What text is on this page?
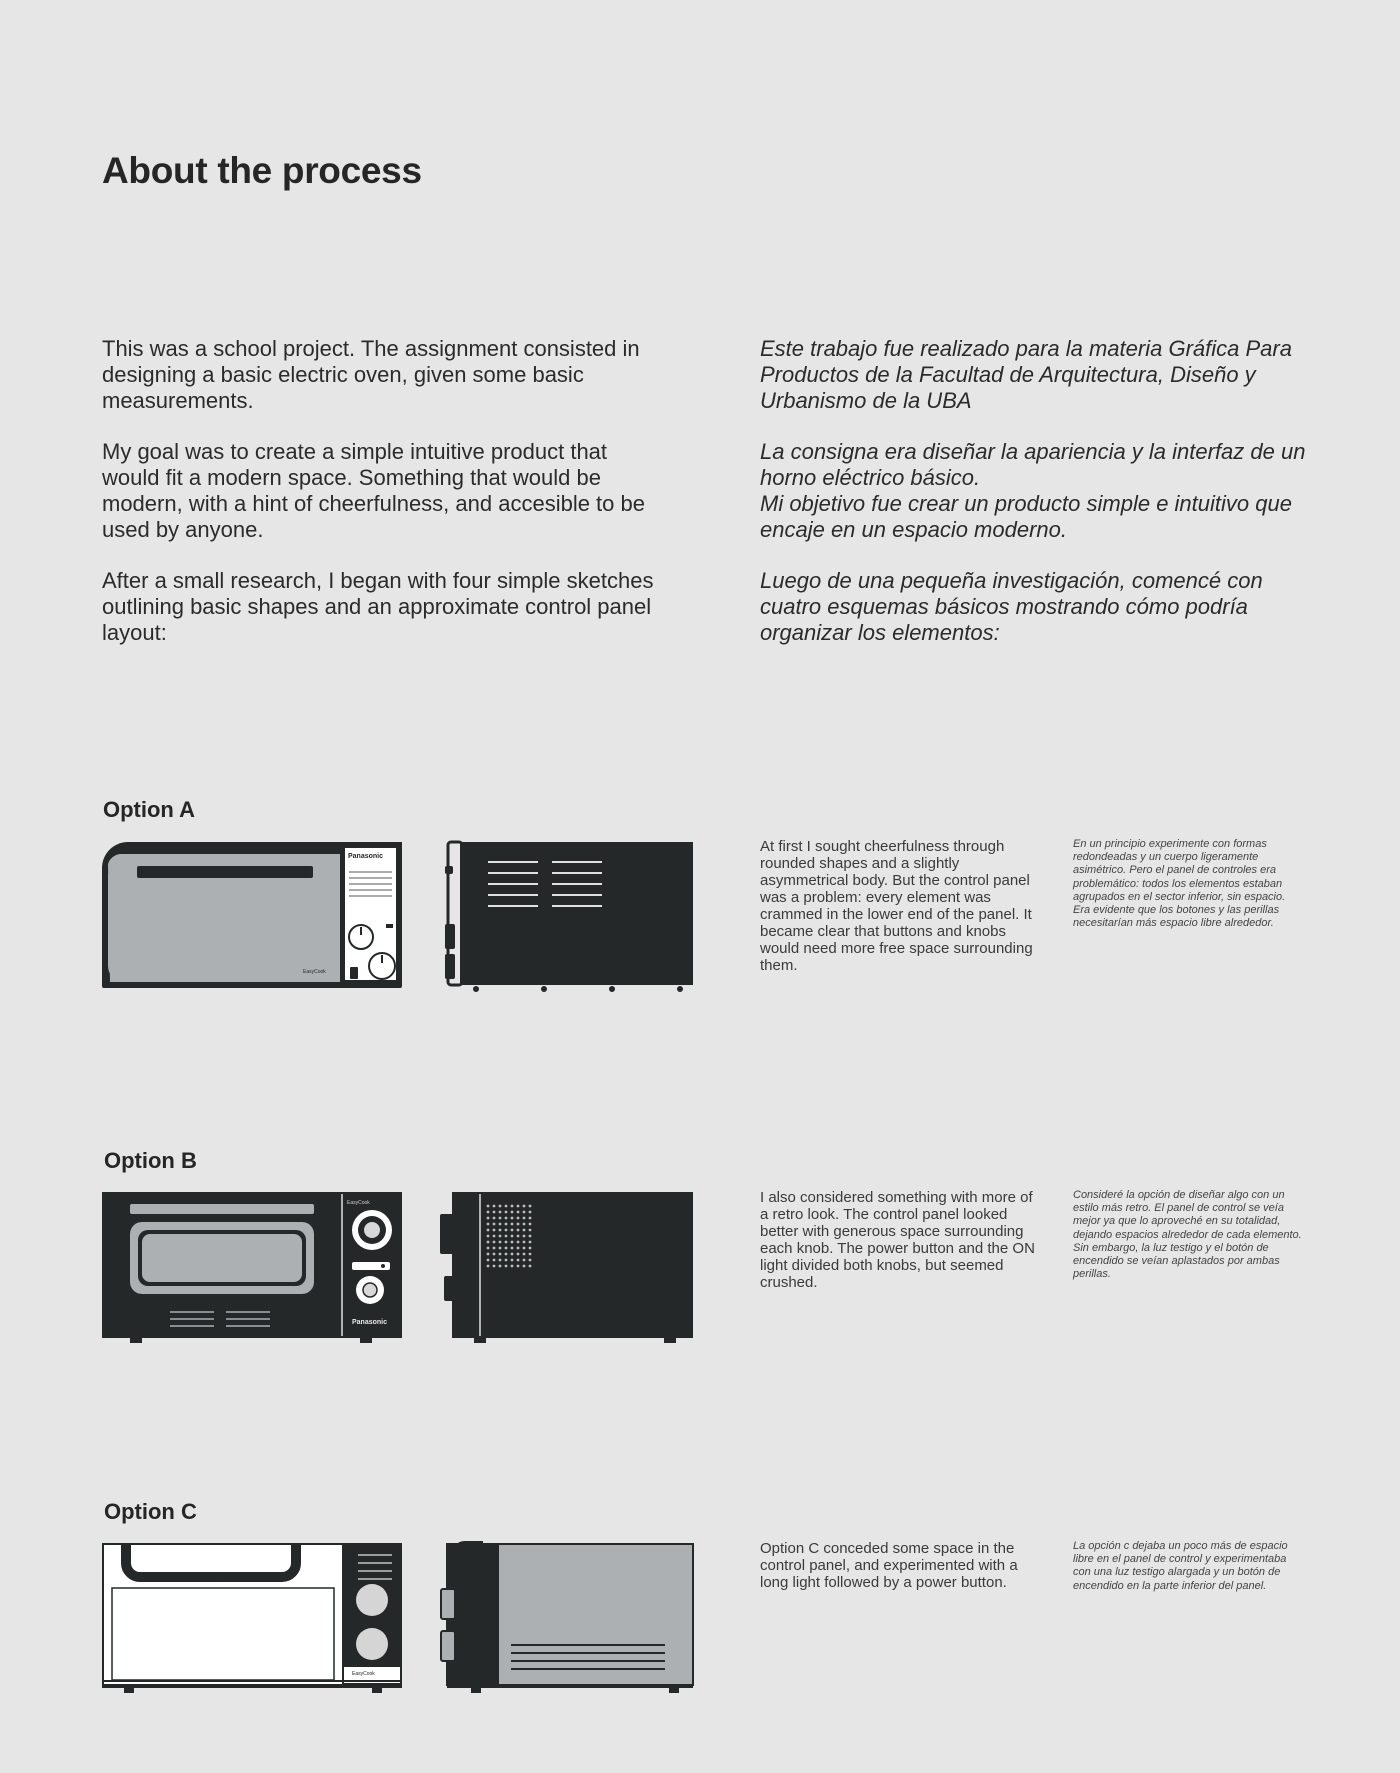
About the process

This was a school project. The assignment consisted in designing a basic electric oven, given some basic measurements.

My goal was to create a simple intuitive product that would fit a modern space. Something that would be modern, with a hint of cheerfulness, and accesible to be used by anyone.

After a small research, I began with four simple sketches outlining basic shapes and an approximate control panel layout:

Este trabajo fue realizado para la materia Gráfica Para Productos de la Facultad de Arquitectura, Diseño y Urbanismo de la UBA

La consigna era diseñar la apariencia y la interfaz de un horno eléctrico básico.

Mi objetivo fue crear un producto simple e intuitivo que encaje en un espacio moderno.

Luego de una pequeña investigación, comencé con cuatro esquemas básicos mostrando cómo podría organizar los elementos:

Option A

Panasonic
EasyCook
At first I sought cheerfulness through rounded shapes and a slightly asymmetrical body. But the control panel was a problem: every element was crammed in the lower end of the panel. It became clear that buttons and knobs would need more free space surrounding them.
En un principio experimente con formas redondeadas y un cuerpo ligeramente asimétrico. Pero el panel de controles era problemático: todos los elementos estaban agrupados en el sector inferior, sin espacio. Era evidente que los botones y las perillas necesitarían más espacio libre alrededor.

Option B

EasyCook
Panasonic
I also considered something with more of a retro look. The control panel looked better with generous space surrounding each knob. The power button and the ON light divided both knobs, but seemed crushed.
Consideré la opción de diseñar algo con un estilo más retro. El panel de control se veía mejor ya que lo aproveché en su totalidad, dejando espacios alrededor de cada elemento. Sin embargo, la luz testigo y el botón de encendido se veían aplastados por ambas perillas.

Option C

Panasonic
EasyCook
Option C conceded some space in the control panel, and experimented with a long light followed by a power button.
La opción c dejaba un poco más de espacio libre en el panel de control y experimentaba con una luz testigo alargada y un botón de encendido en la parte inferior del panel.
